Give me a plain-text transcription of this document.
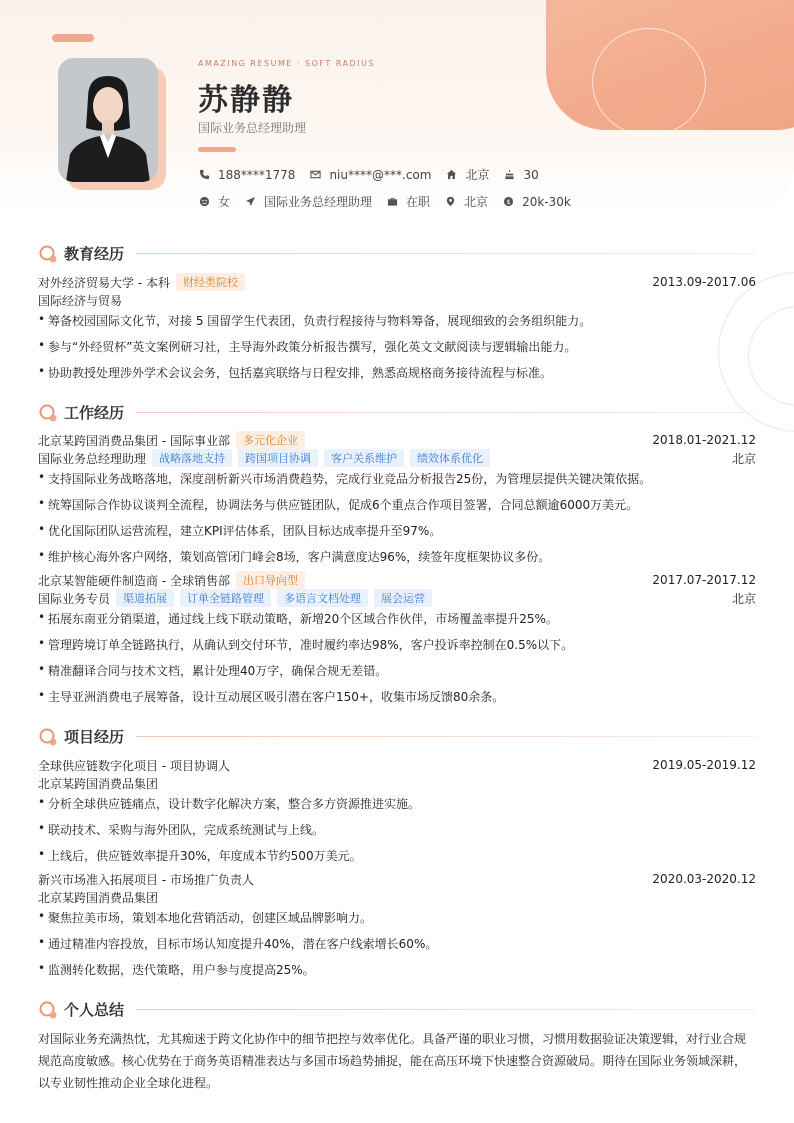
AMAZING RESUME · SOFT RADIUS
苏静静
国际业务总经理助理
188****1778	niu****@***.com	北京	30
女	国际业务总经理助理	在职	北京	$ 20k-30k
教育经历
对外经济贸易大学 - 本科	财经类院校	2013.09-2017.06
国际经济与贸易
• 筹备校园国际文化节，对接 5 国留学生代表团，负责行程接待与物料筹备，展现细致的会务组织能力。
• 参与“外经贸杯”英文案例研习社，主导海外政策分析报告撰写，强化英文文献阅读与逻辑输出能力。
• 协助教授处理涉外学术会议会务，包括嘉宾联络与日程安排，熟悉高规格商务接待流程与标准。
工作经历
北京某跨国消费品集团 - 国际事业部	多元化企业	2018.01-2021.12
国际业务总经理助理	战略落地支持	跨国项目协调	客户关系维护	绩效体系优化	北京
• 支持国际业务战略落地，深度剖析新兴市场消费趋势，完成行业竞品分析报告25份，为管理层提供关键决策依据。
• 统筹国际合作协议谈判全流程，协调法务与供应链团队，促成6个重点合作项目签署，合同总额逾6000万美元。
• 优化国际团队运营流程，建立KPI评估体系，团队目标达成率提升至97%。
• 维护核心海外客户网络，策划高管闭门峰会8场，客户满意度达96%，续签年度框架协议多份。
北京某智能硬件制造商 - 全球销售部	出口导向型	2017.07-2017.12
国际业务专员	渠道拓展	订单全链路管理	多语言文档处理	展会运营	北京
• 拓展东南亚分销渠道，通过线上线下联动策略，新增20个区域合作伙伴，市场覆盖率提升25%。
• 管理跨境订单全链路执行，从确认到交付环节，准时履约率达98%，客户投诉率控制在0.5%以下。
• 精准翻译合同与技术文档，累计处理40万字，确保合规无差错。
• 主导亚洲消费电子展筹备，设计互动展区吸引潜在客户150+，收集市场反馈80余条。
项目经历
全球供应链数字化项目 - 项目协调人	2019.05-2019.12
北京某跨国消费品集团
• 分析全球供应链痛点，设计数字化解决方案，整合多方资源推进实施。
• 联动技术、采购与海外团队，完成系统测试与上线。
• 上线后，供应链效率提升30%，年度成本节约500万美元。
新兴市场准入拓展项目 - 市场推广负责人	2020.03-2020.12
北京某跨国消费品集团
• 聚焦拉美市场，策划本地化营销活动，创建区域品牌影响力。
• 通过精准内容投放，目标市场认知度提升40%，潜在客户线索增长60%。
• 监测转化数据，迭代策略，用户参与度提高25%。
个人总结
对国际业务充满热忱，尤其痴迷于跨文化协作中的细节把控与效率优化。具备严谨的职业习惯，习惯用数据验证决策逻辑，对行业合规规范高度敏感。核心优势在于商务英语精准表达与多国市场趋势捕捉，能在高压环境下快速整合资源破局。期待在国际业务领域深耕，以专业韧性推动企业全球化进程。
